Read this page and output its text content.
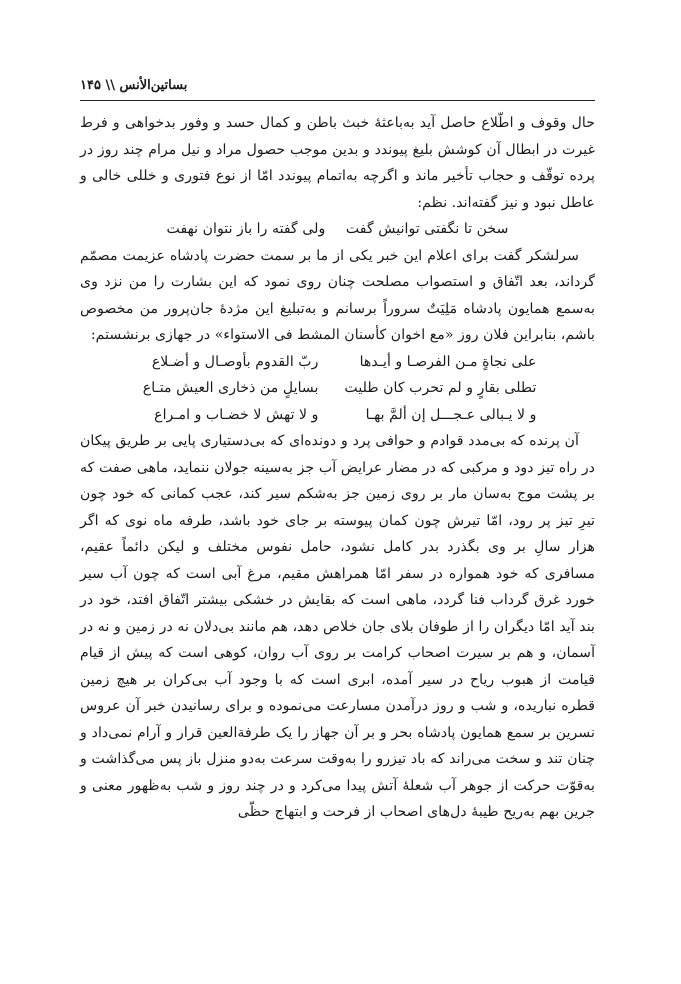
بساتین‌الأنس \\ ۱۴۵

حال وقوف و اطّلاع حاصل آید به‌باعثهٔ خبث باطن و کمال حسد و وفور بدخواهی و فرط غیرت در ابطال آن کوشش بلیغ پیوندد و بدین موجب حصول مراد و نیل مرام چند روز در پرده توقّف و حجاب تأخیر ماند و اگرچه به‌اتمام پیوندد امّا از نوع فتوری و خللی خالی و عاطل نبود و نیز گفته‌اند. نظم:

سخن تا نگفتی توانیش گفت ولی گفته را باز نتوان نهفت

سرلشکر گفت برای اعلام این خبر یکی از ما بر سمت حضرت پادشاه عزیمت مصمّم گرداند، بعد اتّفاق و استصواب مصلحت چنان روی نمود که این بشارت را من نزد وی به‌سمع همایون پادشاه مَلِیَتٌ سروراً برسانم و به‌تبلیغ این مژدهٔ جان‌پرور من مخصوص باشم، بنابراین فلان روز «مع اخوان کأسنان المشط فی الاستواء» در جهازی برنشستم:

علی نجاةٍ مـن الفرصـا و أیـدها
ربّ القدوم بأوصـال و أضـلاع
تطلی بقارٍ و لم تحرب کان طلیت
بسایلٍ من ذخاری العیش متـاع
و لا یـبالی عـجـــل إن ألمَّ بهـا
و لا تهش لا خضـاب و امـراع

آن پرنده که بی‌مدد قوادم و حوافی پرد و دونده‌ای که بی‌دستیاری پایی بر طریق پیکان در راه تیز دود و مرکبی که در مضار عرایض آب جز به‌سینه جولان ننماید، ماهی صفت که بر پشت موج به‌سان مار بر روی زمین جز به‌شکم سیر کند، عجب کمانی که خود چون تیرِ تیز پر رود، امّا تیرش چون کمان پیوسته بر جای خود باشد، طرفه ماه نوی که اگر هزار سالِ بر وی بگذرد بدر کامل نشود، حامل نفوس مختلف و لیکن دائماً عقیم، مسافری که خود همواره در سفر امّا همراهش مقیم، مرغ آبی است که چون آب سیر خورد غرق گرداب فنا گردد، ماهی است که بقایش در خشکی بیشتر اتّفاق افتد، خود در بند آید امّا دیگران را از طوفان بلای جان خلاص دهد، هم مانند بی‌دلان نه در زمین و نه در آسمان، و هم بر سیرت اصحاب کرامت بر روی آب روان، کوهی است که پیش از قیام قیامت از هبوب ریاح در سیر آمده، ابری است که با وجود آب بی‌کران بر هیچ زمین قطره نباریده، و شب و روز درآمدن مسارعت می‌نموده و برای رسانیدن خبر آن عروس نسرین بر سمع همایون پادشاه بحر و بر آن جهاز را یک طرفةالعین قرار و آرام نمی‌داد و چنان تند و سخت می‌راند که باد تیزرو را به‌وقت سرعت به‌دو منزل باز پس می‌گذاشت و به‌قوّت حرکت از جوهر آب شعلهٔ آتش پیدا می‌کرد و در چند روز و شب به‌ظهور معنی و جرین بهم به‌ریح طیبهٔ دل‌های اصحاب از فرحت و ابتهاج حظّی
